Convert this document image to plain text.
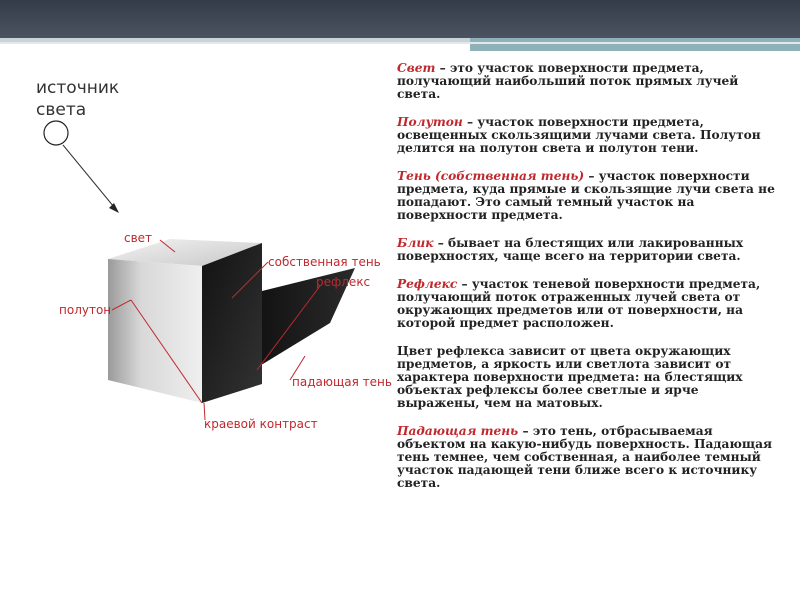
источник света
свет
собственная тень
рефлекс
полутон
падающая тень
краевой контраст

Свет – это участок поверхности предмета, получающий наибольший поток прямых лучей света.

Полутон – участок поверхности предмета, освещенных скользящими лучами света. Полутон делится на полутон света и полутон тени.

Тень (собственная тень) – участок поверхности предмета, куда прямые и скользящие лучи света не попадают. Это самый темный участок на поверхности предмета.

Блик – бывает на блестящих или лакированных поверхностях, чаще всего на территории света.

Рефлекс – участок теневой поверхности предмета, получающий поток отраженных лучей света от окружающих предметов или от поверхности, на которой предмет расположен.

Цвет рефлекса зависит от цвета окружающих предметов, а яркость или светлота зависит от характера поверхности предмета: на блестящих объектах рефлексы более светлые и ярче выражены, чем на матовых.

Падающая тень – это тень, отбрасываемая объектом на какую-нибудь поверхность. Падающая тень темнее, чем собственная, а наиболее темный участок падающей тени ближе всего к источнику света.
